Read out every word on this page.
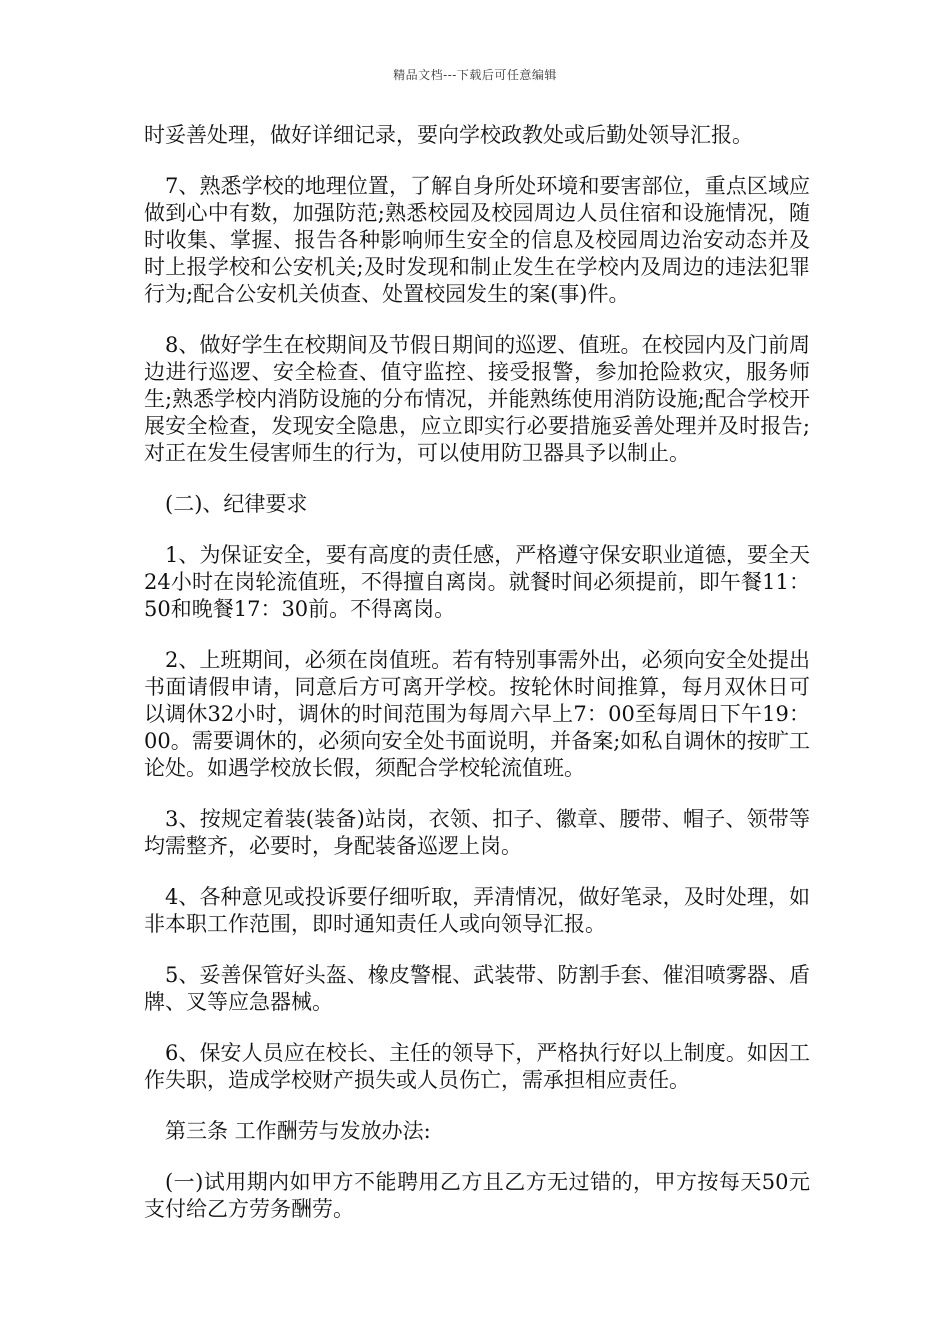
精品文档---下载后可任意编辑

时妥善处理，做好详细记录，要向学校政教处或后勤处领导汇报。

7、熟悉学校的地理位置，了解自身所处环境和要害部位，重点区域应做到心中有数，加强防范;熟悉校园及校园周边人员住宿和设施情况，随时收集、掌握、报告各种影响师生安全的信息及校园周边治安动态并及时上报学校和公安机关;及时发现和制止发生在学校内及周边的违法犯罪行为;配合公安机关侦查、处置校园发生的案(事)件。

8、做好学生在校期间及节假日期间的巡逻、值班。在校园内及门前周边进行巡逻、安全检查、值守监控、接受报警，参加抢险救灾，服务师生;熟悉学校内消防设施的分布情况，并能熟练使用消防设施;配合学校开展安全检查，发现安全隐患，应立即实行必要措施妥善处理并及时报告;对正在发生侵害师生的行为，可以使用防卫器具予以制止。

(二)、纪律要求

1、为保证安全，要有高度的责任感，严格遵守保安职业道德，要全天24小时在岗轮流值班，不得擅自离岗。就餐时间必须提前，即午餐11：50和晚餐17：30前。不得离岗。

2、上班期间，必须在岗值班。若有特别事需外出，必须向安全处提出书面请假申请，同意后方可离开学校。按轮休时间推算，每月双休日可以调休32小时，调休的时间范围为每周六早上7：00至每周日下午19：00。需要调休的，必须向安全处书面说明，并备案;如私自调休的按旷工论处。如遇学校放长假，须配合学校轮流值班。

3、按规定着装(装备)站岗，衣领、扣子、徽章、腰带、帽子、领带等均需整齐，必要时，身配装备巡逻上岗。

4、各种意见或投诉要仔细听取，弄清情况，做好笔录，及时处理，如非本职工作范围，即时通知责任人或向领导汇报。

5、妥善保管好头盔、橡皮警棍、武装带、防割手套、催泪喷雾器、盾牌、叉等应急器械。

6、保安人员应在校长、主任的领导下，严格执行好以上制度。如因工作失职，造成学校财产损失或人员伤亡，需承担相应责任。

第三条 工作酬劳与发放办法:

(一)试用期内如甲方不能聘用乙方且乙方无过错的，甲方按每天50元支付给乙方劳务酬劳。
